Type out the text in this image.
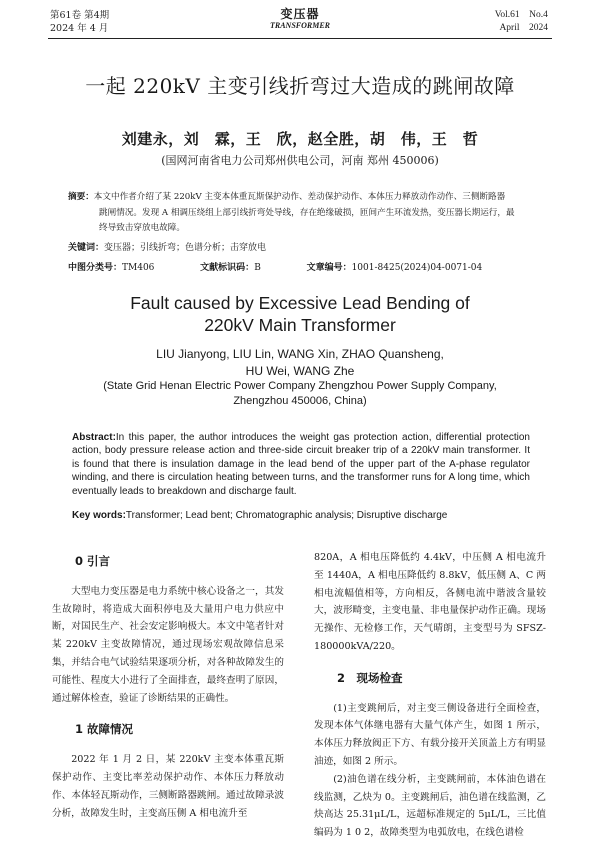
第61卷 第4期
2024 年 4 月
变压器
TRANSFORMER
Vol.61 No.4
April 2024
一起 220kV 主变引线折弯过大造成的跳闸故障
刘建永，刘　霖，王　欣，赵全胜，胡　伟，王　哲
(国网河南省电力公司郑州供电公司，河南 郑州 450006)
摘要：本文中作者介绍了某 220kV 主变本体重瓦斯保护动作、差动保护动作、本体压力释放动作动作、三侧断路器
跳闸情况。发现 A 相调压绕组上部引线折弯处导线，存在绝缘破损，匝间产生环流发热，变压器长期运行，最
终导致击穿放电故障。
关键词：变压器；引线折弯；色谱分析；击穿放电
中图分类号：TM406	文献标识码：B	文章编号：1001-8425(2024)04-0071-04
Fault caused by Excessive Lead Bending of
220kV Main Transformer
LIU Jianyong, LIU Lin, WANG Xin, ZHAO Quansheng,
HU Wei, WANG Zhe
(State Grid Henan Electric Power Company Zhengzhou Power Supply Company,
Zhengzhou 450006, China)
Abstract:In this paper, the author introduces the weight gas protection action, differential protection action, body pressure release action and three-side circuit breaker trip of a 220kV main transformer. It is found that there is insulation damage in the lead bend of the upper part of the A-phase regulator winding, and there is circulation heating between turns, and the transformer runs for A long time, which eventually leads to breakdown and discharge fault.
Key words:Transformer; Lead bent; Chromatographic analysis; Disruptive discharge

0 引言

大型电力变压器是电力系统中核心设备之一，其发生故障时，将造成大面积停电及大量用户电力供应中断，对国民生产、社会安定影响极大。本文中笔者针对某 220kV 主变故障情况，通过现场宏观故障信息采集，并结合电气试验结果逐项分析，对各种故障发生的可能性、程度大小进行了全面排查，最终查明了原因，通过解体检查，验证了诊断结果的正确性。

1 故障情况

2022 年 1 月 2 日，某 220kV 主变本体重瓦斯保护动作、主变比率差动保护动作、本体压力释放动作、本体轻瓦斯动作，三侧断路器跳闸。通过故障录波分析，故障发生时，主变高压侧 A 相电流升至

820A，A 相电压降低约 4.4kV，中压侧 A 相电流升至 1440A，A 相电压降低约 8.8kV，低压侧 A、C 两相电流幅值相等，方向相反，各侧电流中谐波含量较大，波形畸变，主变电量、非电量保护动作正确。现场无操作、无检修工作，天气晴朗，主变型号为 SFSZ-180000kVA/220。

2　现场检查

(1)主变跳闸后，对主变三侧设备进行全面检查，发现本体气体继电器有大量气体产生，如图 1 所示，本体压力释放阀正下方、有载分接开关顶盖上方有明显油迹，如图 2 所示。

(2)油色谱在线分析，主变跳闸前，本体油色谱在线监测，乙炔为 0。主变跳闸后，油色谱在线监测，乙炔高达 25.31μL/L，远超标准规定的 5μL/L，三比值编码为 1 0 2，故障类型为电弧放电，在线色谱检
